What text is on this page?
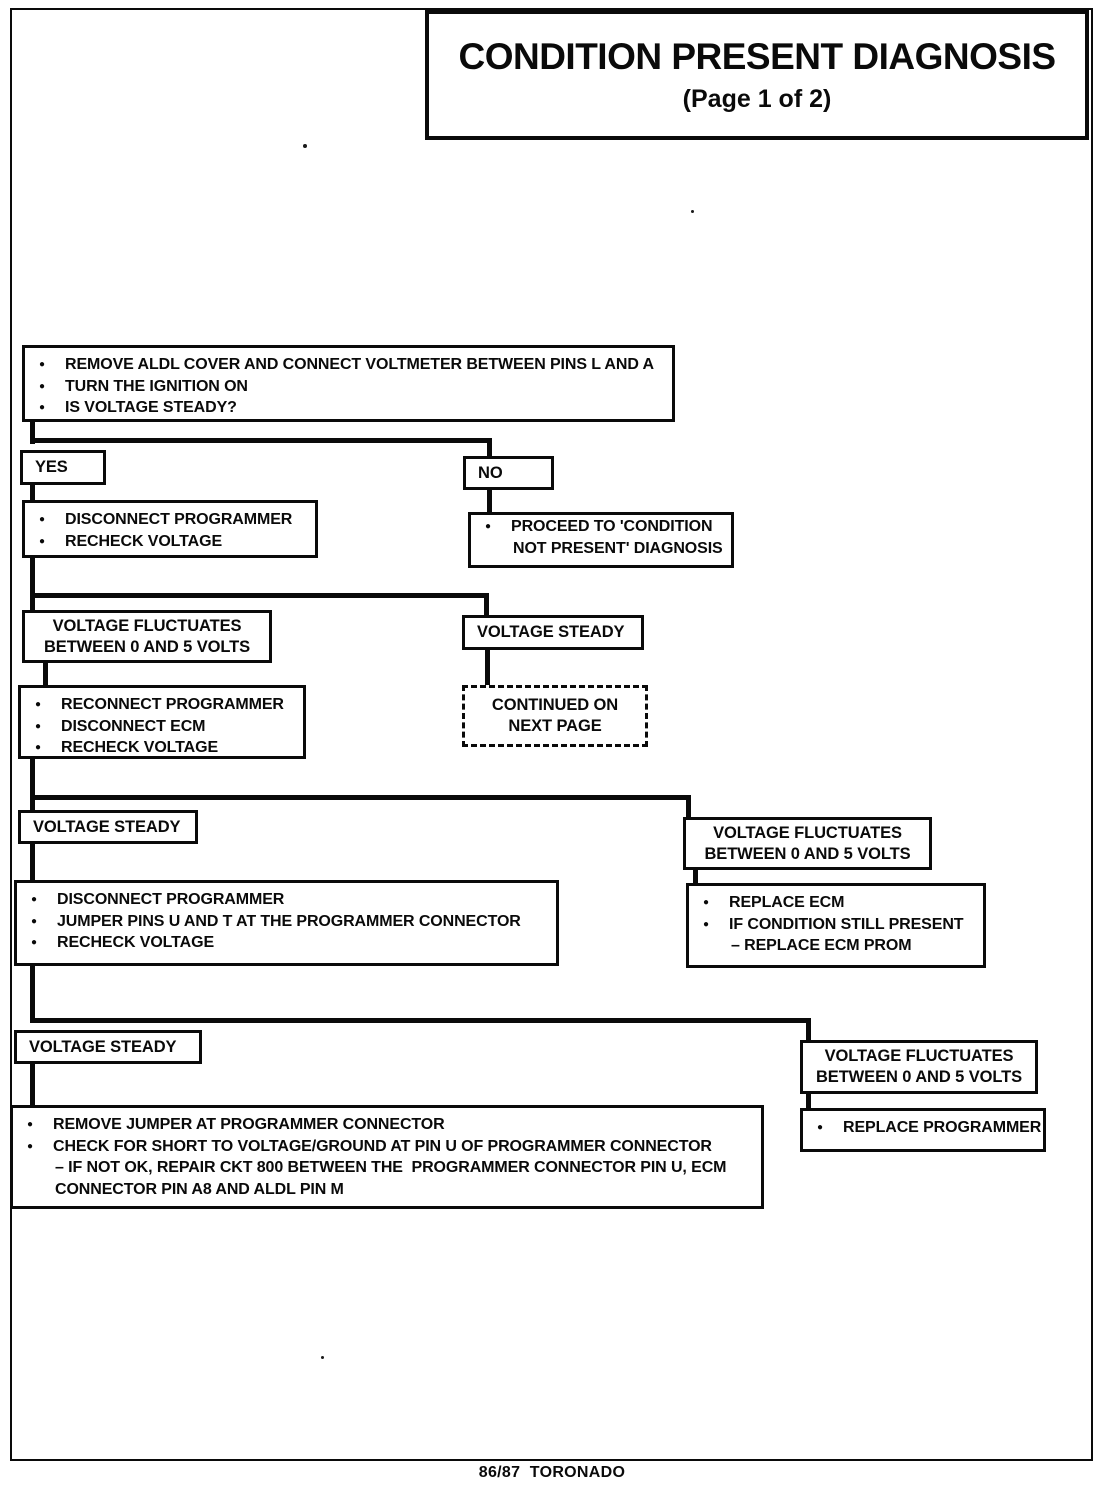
CONDITION PRESENT DIAGNOSIS
(Page 1 of 2)
●	REMOVE ALDL COVER AND CONNECT VOLTMETER BETWEEN PINS L AND A
●	TURN THE IGNITION ON
●	IS VOLTAGE STEADY?
YES	NO
●	DISCONNECT PROGRAMMER
●	RECHECK VOLTAGE
●	PROCEED TO 'CONDITION
NOT PRESENT' DIAGNOSIS
VOLTAGE FLUCTUATES
BETWEEN 0 AND 5 VOLTS
VOLTAGE STEADY
●	RECONNECT PROGRAMMER
●	DISCONNECT ECM
●	RECHECK VOLTAGE
CONTINUED ON
NEXT PAGE
VOLTAGE STEADY	VOLTAGE FLUCTUATES
BETWEEN 0 AND 5 VOLTS
●	DISCONNECT PROGRAMMER
●	JUMPER PINS U AND T AT THE PROGRAMMER CONNECTOR
●	RECHECK VOLTAGE
●	REPLACE ECM
●	IF CONDITION STILL PRESENT
– REPLACE ECM PROM
VOLTAGE STEADY
VOLTAGE FLUCTUATES
BETWEEN 0 AND 5 VOLTS
●	REMOVE JUMPER AT PROGRAMMER CONNECTOR
●	CHECK FOR SHORT TO VOLTAGE/GROUND AT PIN U OF PROGRAMMER CONNECTOR
– IF NOT OK, REPAIR CKT 800 BETWEEN THE  PROGRAMMER CONNECTOR PIN U, ECM
CONNECTOR PIN A8 AND ALDL PIN M
●	REPLACE PROGRAMMER
86/87  TORONADO
